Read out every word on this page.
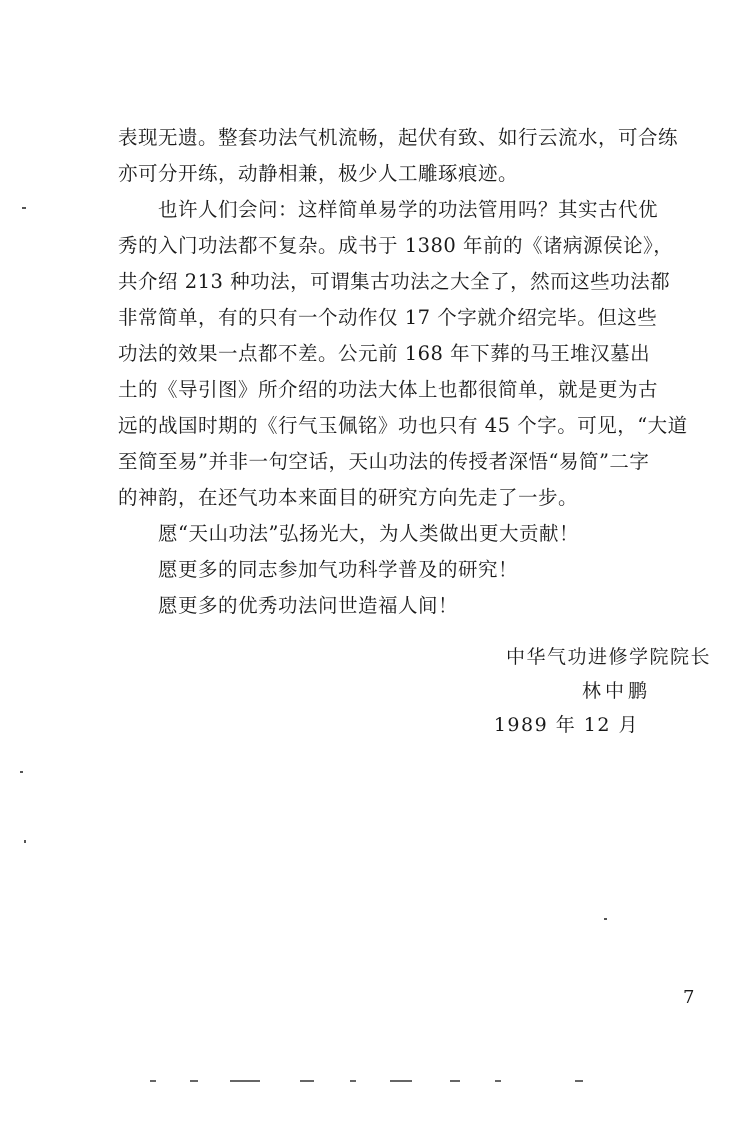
表现无遗。整套功法气机流畅，起伏有致、如行云流水，可合练
亦可分开练，动静相兼，极少人工雕琢痕迹。
也许人们会问：这样简单易学的功法管用吗？其实古代优
秀的入门功法都不复杂。成书于 1380 年前的《诸病源侯论》，
共介绍 213 种功法，可谓集古功法之大全了，然而这些功法都
非常简单，有的只有一个动作仅 17 个字就介绍完毕。但这些
功法的效果一点都不差。公元前 168 年下葬的马王堆汉墓出
土的《导引图》所介绍的功法大体上也都很简单，就是更为古
远的战国时期的《行气玉佩铭》功也只有 45 个字。可见，“大道
至简至易”并非一句空话，天山功法的传授者深悟“易简”二字
的神韵，在还气功本来面目的研究方向先走了一步。
愿“天山功法”弘扬光大，为人类做出更大贡献！
愿更多的同志参加气功科学普及的研究！
愿更多的优秀功法问世造福人间！
中华气功进修学院院长
林中鹏
1989 年 12 月
7
